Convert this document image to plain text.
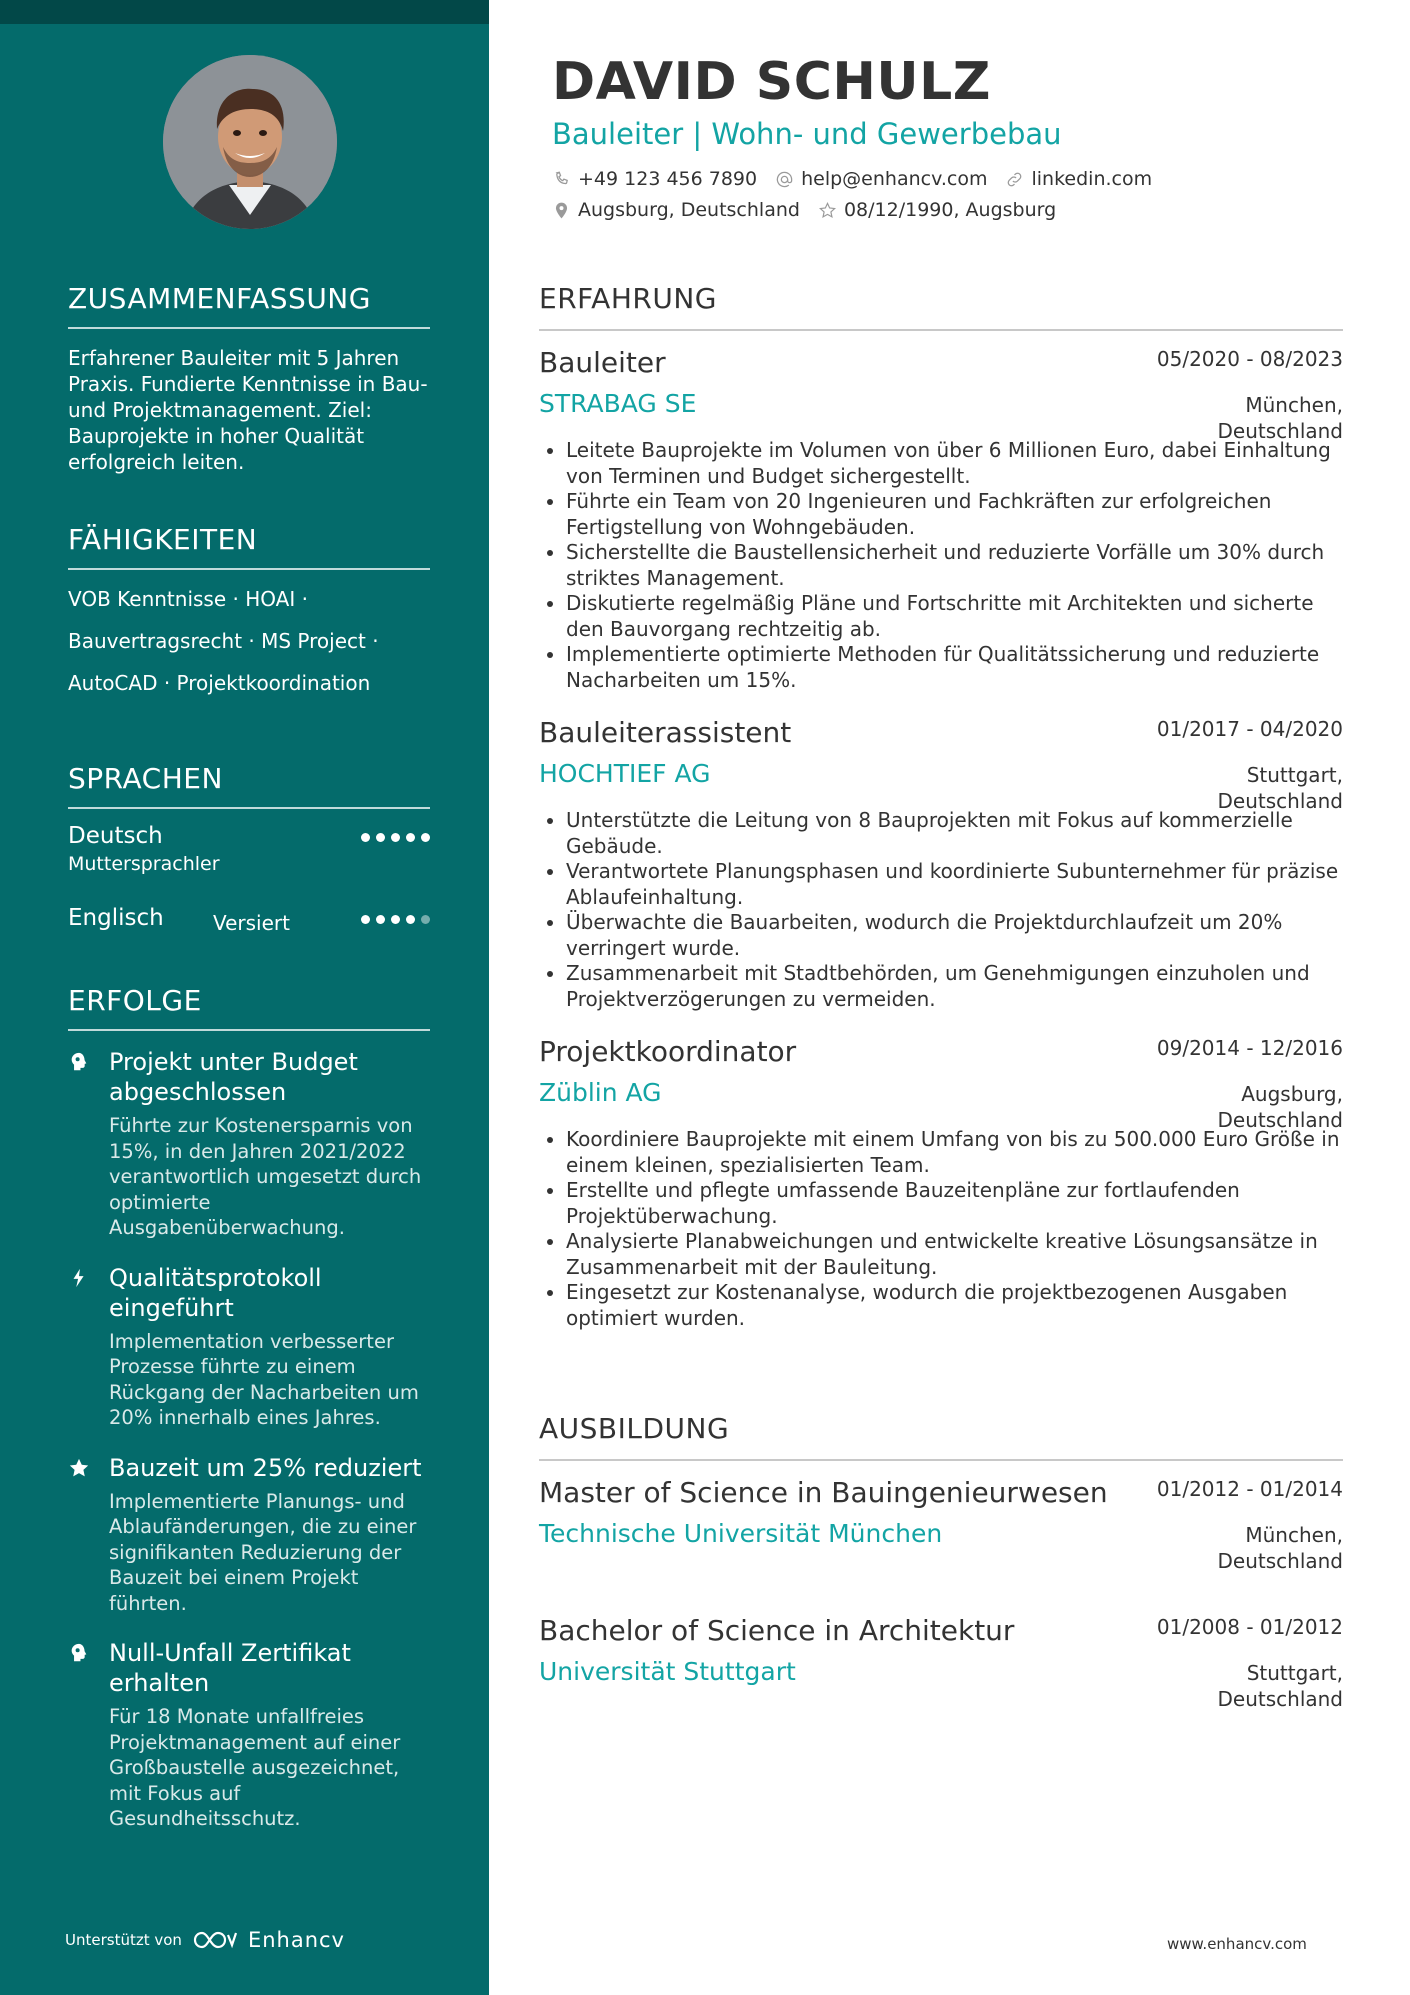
ZUSAMMENFASSUNG
Erfahrener Bauleiter mit 5 Jahren Praxis. Fundierte Kenntnisse in Bau- und Projektmanagement. Ziel: Bauprojekte in hoher Qualität erfolgreich leiten.
FÄHIGKEITEN
VOB Kenntnisse · HOAI ·
Bauvertragsrecht · MS Project ·
AutoCAD · Projektkoordination
SPRACHEN
Deutsch
Muttersprachler
Englisch Versiert
ERFOLGE
Projekt unter Budget abgeschlossen
Führte zur Kostenersparnis von 15%, in den Jahren 2021/2022 verantwortlich umgesetzt durch optimierte Ausgabenüberwachung.
Qualitätsprotokoll eingeführt
Implementation verbesserter Prozesse führte zu einem Rückgang der Nacharbeiten um 20% innerhalb eines Jahres.
Bauzeit um 25% reduziert
Implementierte Planungs- und Ablaufänderungen, die zu einer signifikanten Reduzierung der Bauzeit bei einem Projekt führten.
Null-Unfall Zertifikat erhalten
Für 18 Monate unfallfreies Projektmanagement auf einer Großbaustelle ausgezeichnet, mit Fokus auf Gesundheitsschutz.
Unterstützt von	Enhancv
DAVID SCHULZ
Bauleiter | Wohn- und Gewerbebau
+49 123 456 7890 help@enhancv.com linkedin.com
Augsburg, Deutschland 08/12/1990, Augsburg
ERFAHRUNG
Bauleiter	05/2020 - 08/2023
STRABAG SE	München,
Deutschland
• Leitete Bauprojekte im Volumen von über 6 Millionen Euro, dabei Einhaltung von Terminen und Budget sichergestellt.
• Führte ein Team von 20 Ingenieuren und Fachkräften zur erfolgreichen Fertigstellung von Wohngebäuden.
• Sicherstellte die Baustellensicherheit und reduzierte Vorfälle um 30% durch striktes Management.
• Diskutierte regelmäßig Pläne und Fortschritte mit Architekten und sicherte den Bauvorgang rechtzeitig ab.
• Implementierte optimierte Methoden für Qualitätssicherung und reduzierte Nacharbeiten um 15%.
Bauleiterassistent	01/2017 - 04/2020
HOCHTIEF AG	Stuttgart,
Deutschland
• Unterstützte die Leitung von 8 Bauprojekten mit Fokus auf kommerzielle Gebäude.
• Verantwortete Planungsphasen und koordinierte Subunternehmer für präzise Ablaufeinhaltung.
• Überwachte die Bauarbeiten, wodurch die Projektdurchlaufzeit um 20% verringert wurde.
• Zusammenarbeit mit Stadtbehörden, um Genehmigungen einzuholen und Projektverzögerungen zu vermeiden.
Projektkoordinator	09/2014 - 12/2016
Züblin AG	Augsburg,
Deutschland
• Koordiniere Bauprojekte mit einem Umfang von bis zu 500.000 Euro Größe in einem kleinen, spezialisierten Team.
• Erstellte und pflegte umfassende Bauzeitenpläne zur fortlaufenden Projektüberwachung.
• Analysierte Planabweichungen und entwickelte kreative Lösungsansätze in Zusammenarbeit mit der Bauleitung.
• Eingesetzt zur Kostenanalyse, wodurch die projektbezogenen Ausgaben optimiert wurden.
AUSBILDUNG
Master of Science in Bauingenieurwesen	01/2012 - 01/2014
Technische Universität München	München,
Deutschland
Bachelor of Science in Architektur	01/2008 - 01/2012
Universität Stuttgart	Stuttgart,
Deutschland
www.enhancv.com
